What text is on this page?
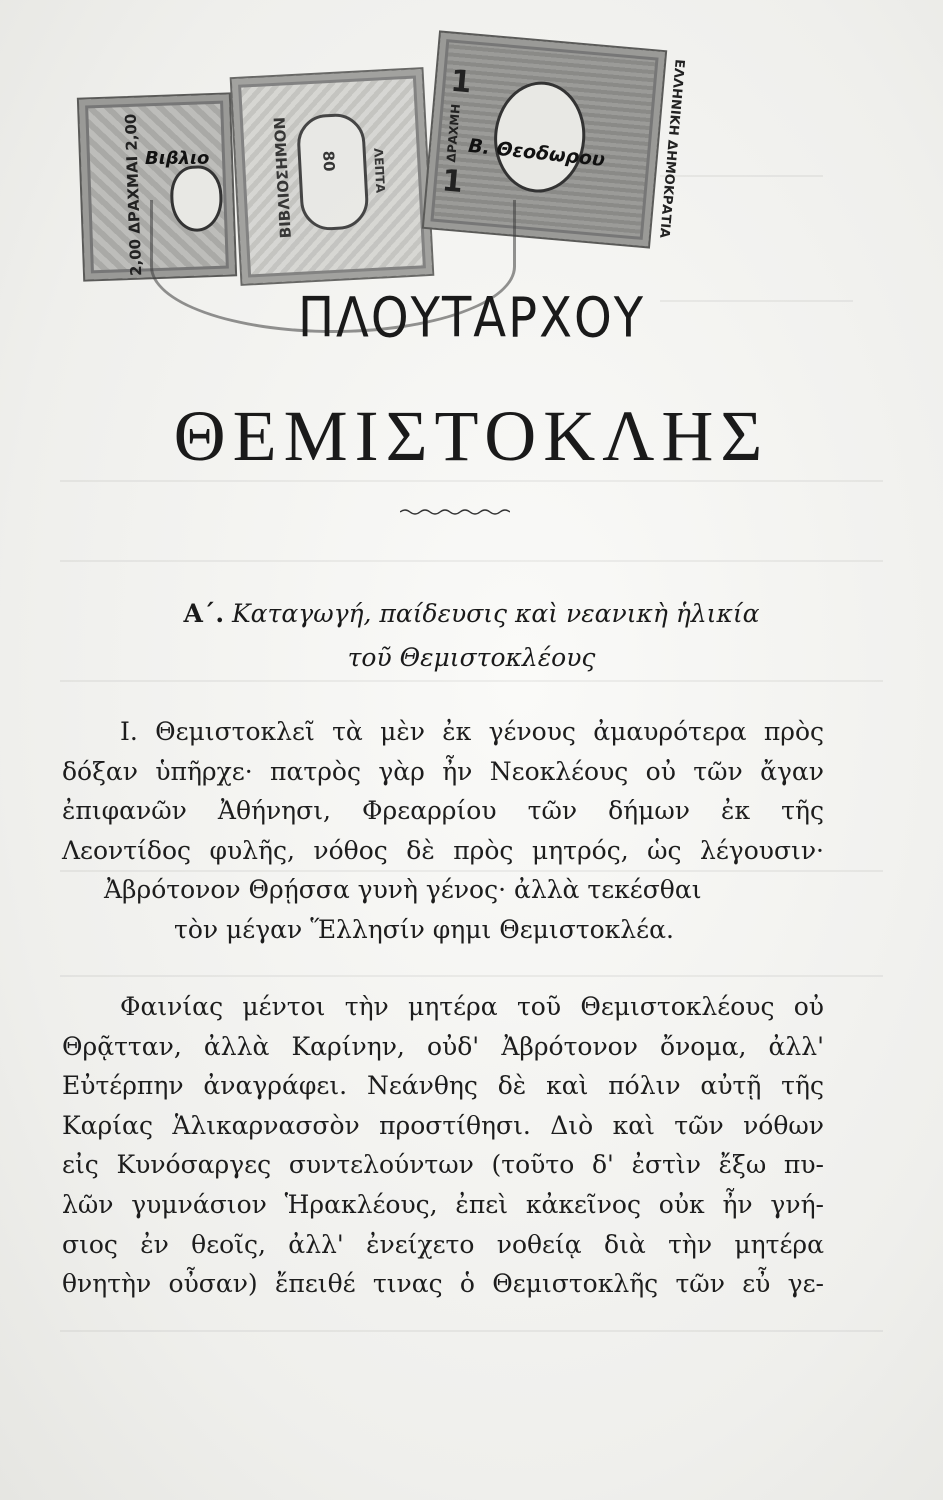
2,00 ΔΡΑΧΜΑΙ 2,00 Βιβλιο	ΒΙΒΛΙΟΣΗΜΟΝ 80	ΛΕΠΤΑ
1
1
ΔΡΑΧΜΗ	ΕΛΛΗΝΙΚΗ ΔΗΜΟΚΡΑΤΙΑ
Β. Θεοδωρου
ΠΛΟΥΤΑΡΧΟΥ
ΘΕΜΙΣΤΟΚΛΗΣ
Α΄. Καταγωγή, παίδευσις καὶ νεανικὴ ἡλικία
τοῦ Θεμιστοκλέους
I. Θεμιστοκλεῖ τὰ μὲν ἐκ γένους ἀμαυρότερα πρὸς
δόξαν ὑπῆρχε· πατρὸς γὰρ ἦν Νεοκλέους οὐ τῶν ἄγαν
ἐπιφανῶν Ἀθήνησι, Φρεαρρίου τῶν δήμων ἐκ τῆς
Λεοντίδος φυλῆς, νόθος δὲ πρὸς μητρός, ὡς λέγουσιν·
Ἀβρότονον Θρῄσσα γυνὴ γένος· ἀλλὰ τεκέσθαι
τὸν μέγαν Ἕλλησίν φημι Θεμιστοκλέα.
Φαινίας μέντοι τὴν μητέρα τοῦ Θεμιστοκλέους οὐ
Θρᾷτταν, ἀλλὰ Καρίνην, οὐδ' Ἀβρότονον ὄνομα, ἀλλ'
Εὐτέρπην ἀναγράφει. Νεάνθης δὲ καὶ πόλιν αὐτῇ τῆς
Καρίας Ἁλικαρνασσὸν προστίθησι. Διὸ καὶ τῶν νόθων
εἰς Κυνόσαργες συντελούντων (τοῦτο δ' ἐστὶν ἔξω πυ-
λῶν γυμνάσιον Ἡρακλέους, ἐπεὶ κἀκεῖνος οὐκ ἦν γνή-
σιος ἐν θεοῖς, ἀλλ' ἐνείχετο νοθείᾳ διὰ τὴν μητέρα
θνητὴν οὖσαν) ἔπειθέ τινας ὁ Θεμιστοκλῆς τῶν εὖ γε-
